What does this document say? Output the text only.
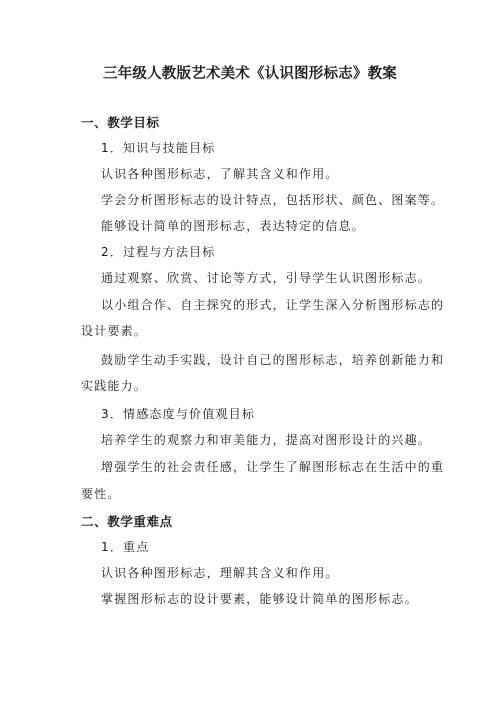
三年级人教版艺术美术《认识图形标志》教案
一、教学目标
1．知识与技能目标
认识各种图形标志，了解其含义和作用。
学会分析图形标志的设计特点，包括形状、颜色、图案等。
能够设计简单的图形标志，表达特定的信息。
2．过程与方法目标
通过观察、欣赏、讨论等方式，引导学生认识图形标志。
以小组合作、自主探究的形式，让学生深入分析图形标志的
设计要素。
鼓励学生动手实践，设计自己的图形标志，培养创新能力和
实践能力。
3．情感态度与价值观目标
培养学生的观察力和审美能力，提高对图形设计的兴趣。
增强学生的社会责任感，让学生了解图形标志在生活中的重
要性。
二、教学重难点
1．重点
认识各种图形标志，理解其含义和作用。
掌握图形标志的设计要素，能够设计简单的图形标志。
